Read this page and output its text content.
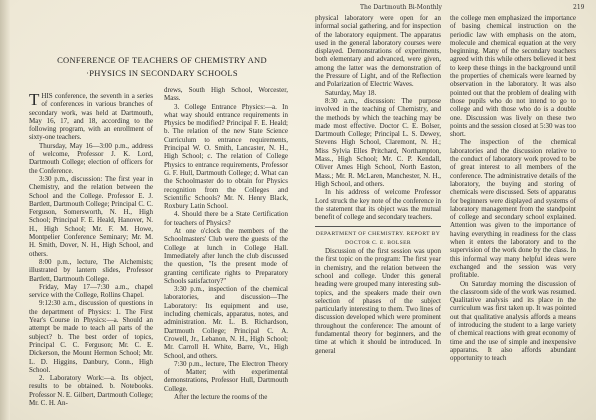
The Dartmouth Bi-Monthly	219
CONFERENCE OF TEACHERS OF CHEMISTRY AND
·PHYSICS IN SECONDARY SCHOOLS

THIS conference, the seventh in a series of conferences in various branches of secondary work, was held at Dartmouth, May 16, 17, and 18, according to the following program, with an enrollment of sixty-one teachers.

Thursday, May 16—3:00 p.m., address of welcome, Professor J. K. Lord, Dartmouth College; election of officers for the Conference.

3:30 p.m., discussion: The first year in Chemistry, and the relation between the School and the College. Professor E. J. Bartlett, Dartmouth College; Principal C. C. Ferguson, Somersworth, N. H., High School; Principal F. E. Heald, Hanover, N. H., High School; Mr. F. M. Howe, Montpelier Conference Seminary; Mr. M. H. Smith, Dover, N. H., High School, and others.

8:00 p.m., lecture, The Alchemists; illustrated by lantern slides, Professor Bartlett, Dartmouth College.

Friday, May 17—7:30 a.m., chapel service with the College, Rollins Chapel.

9:12:30 a.m., discussion of questions in the department of Physics: 1. The First Year's Course in Physics:—a. Should an attempt be made to teach all parts of the subject? b. The best order of topics, Principal C. C. Ferguson; Mr. C. E. Dickerson, the Mount Hermon School; Mr. L. D. Higgins, Danbury, Conn., High School.

2. Laboratory Work:—a. Its object, results to be obtained. b. Notebooks. Professor N. E. Gilbert, Dartmouth College; Mr. C. H. An-

drews, South High School, Worcester, Mass.

3. College Entrance Physics:—a. In what way should entrance requirements in Physics be modified? Principal F. E. Heald; b. The relation of the new State Science Curriculum to entrance requirements, Principal W. O. Smith, Lancaster, N. H., High School; c. The relation of College Physics to entrance requirements, Professor G. F. Hull, Dartmouth College; d. What can the Schoolmaster do to obtain for Physics recognition from the Colleges and Scientific Schools? Mr. N. Henry Black, Roxbury Latin School.

4. Should there be a State Certification for teachers of Physics?

At one o'clock the members of the Schoolmasters' Club were the guests of the College at lunch in College Hall. Immediately after lunch the club discussed the question, "Is the present mode of granting certificate rights to Preparatory Schools satisfactory?"

3:30 p.m., inspection of the chemical laboratories, and discussion—The Laboratory: Its equipment and use, including chemicals, apparatus, notes, and administration. Mr. L. B. Richardson, Dartmouth College; Principal C. A. Crowell, Jr., Lebanon, N. H., High School; Mr. Carroll H. White, Barre, Vt., High School, and others.

7:30 p.m., lecture, The Electron Theory of Matter; with experimental demonstrations, Professor Hull, Dartmouth College.

After the lecture the rooms of the

physical laboratory were open for an informal social gathering, and for inspection of the laboratory equipment. The apparatus used in the general laboratory courses were displayed. Demonstrations of experiments, both elementary and advanced, were given, among the latter was the demonstration of the Pressure of Light, and of the Reflection and Polarization of Electric Waves.

Saturday, May 18.

8:30 a.m., discussion: The purpose involved in the teaching of Chemistry, and the methods by which the teaching may be made most effective. Doctor C. E. Bolser, Dartmouth College; Principal L. S. Dewey, Stevens High School, Claremont, N. H.; Miss Sylvia Elles Pritchard, Northampton, Mass., High School; Mr. C. P. Kendall, Oliver Ames High School, North Easton, Mass.; Mr. R. McLaren, Manchester, N. H., High School, and others.

In his address of welcome Professor Lord struck the key note of the conference in the statement that its object was the mutual benefit of college and secondary teachers.

DEPARTMENT OF CHEMISTRY. REPORT BY DOCTOR C. E. BOLSER

Discussion of the first session was upon the first topic on the program: The first year in chemistry, and the relation between the school and college. Under this general heading were grouped many interesting sub-topics, and the speakers made their own selection of phases of the subject particularly interesting to them. Two lines of discussion developed which were prominent throughout the conference: The amount of fundamental theory for beginners, and the time at which it should be introduced. In general

the college men emphasized the importance of basing chemical instruction on the periodic law with emphasis on the atom, molecule and chemical equation at the very beginning. Many of the secondary teachers agreed with this while others believed it best to keep these things in the background until the properties of chemicals were learned by observation in the laboratory. It was also pointed out that the problem of dealing with those pupils who do not intend to go to college and with those who do is a double one. Discussion was lively on these two points and the session closed at 5:30 was too short.

The inspection of the chemical laboratories and the discussion relative to the conduct of laboratory work proved to be of great interest to all members of the conference. The administrative details of the laboratory, the buying and storing of chemicals were discussed. Sets of apparatus for beginners were displayed and systems of laboratory management from the standpoint of college and secondary school explained. Attention was given to the importance of having everything in readiness for the class when it enters the laboratory and to the supervision of the work done by the class. In this informal way many helpful ideas were exchanged and the session was very profitable.

On Saturday morning the discussion of the classroom side of the work was resumed. Qualitative analysis and its place in the curriculum was first taken up. It was pointed out that qualitative analysis affords a means of introducing the student to a large variety of chemical reactions with great economy of time and the use of simple and inexpensive apparatus. It also affords abundant opportunity to teach
